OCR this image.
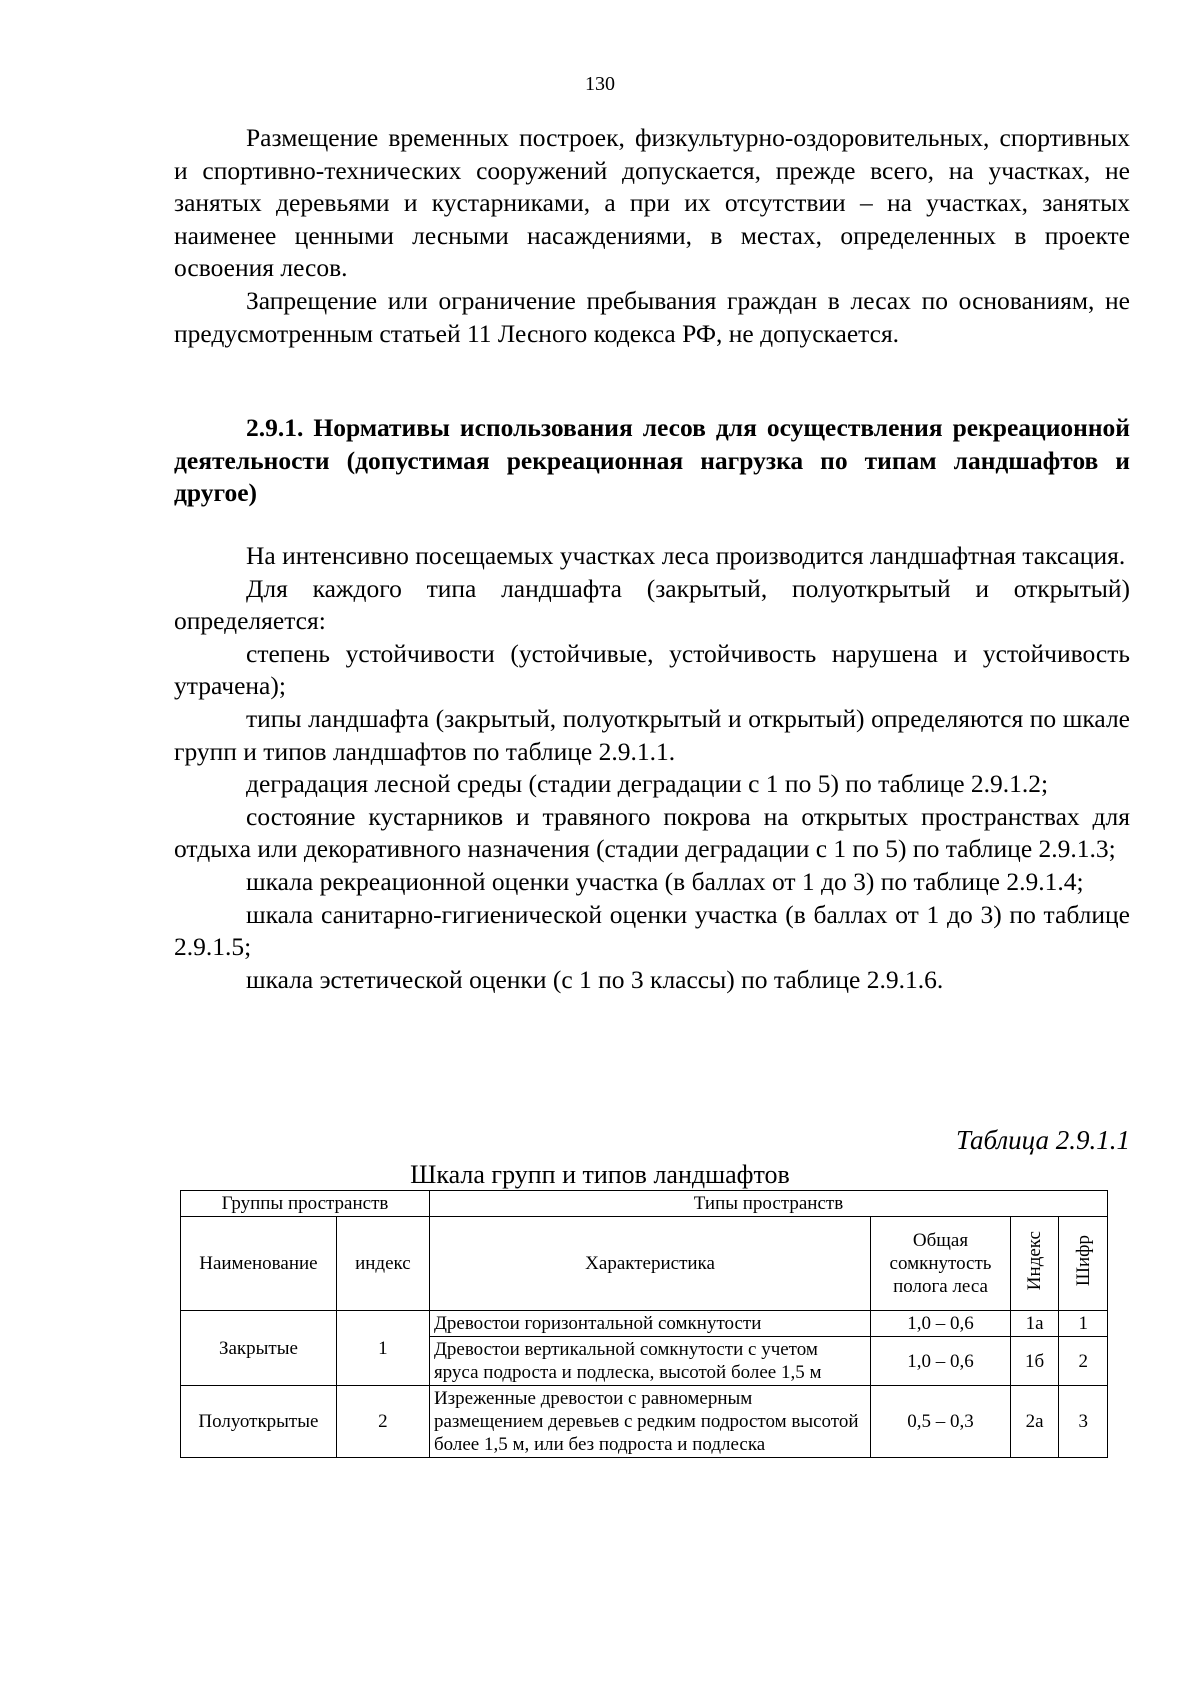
130

Размещение временных построек, физкультурно-оздоровительных, спортивных и спортивно-технических сооружений допускается, прежде всего, на участках, не занятых деревьями и кустарниками, а при их отсутствии – на участках, занятых наименее ценными лесными насаждениями, в местах, определенных в проекте освоения лесов.

Запрещение или ограничение пребывания граждан в лесах по основаниям, не предусмотренным статьей 11 Лесного кодекса РФ, не допускается.

2.9.1. Нормативы использования лесов для осуществления рекреационной деятельности (допустимая рекреационная нагрузка по типам ландшафтов и другое)

На интенсивно посещаемых участках леса производится ландшафтная таксация.

Для каждого типа ландшафта (закрытый, полуоткрытый и открытый) определяется:

степень устойчивости (устойчивые, устойчивость нарушена и устойчивость утрачена);

типы ландшафта (закрытый, полуоткрытый и открытый) определяются по шкале групп и типов ландшафтов по таблице 2.9.1.1.

деградация лесной среды (стадии деградации с 1 по 5) по таблице 2.9.1.2;

состояние кустарников и травяного покрова на открытых пространствах для отдыха или декоративного назначения (стадии деградации с 1 по 5) по таблице 2.9.1.3;

шкала рекреационной оценки участка (в баллах от 1 до 3) по таблице 2.9.1.4;

шкала санитарно-гигиенической оценки участка (в баллах от 1 до 3) по таблице 2.9.1.5;

шкала эстетической оценки (с 1 по 3 классы) по таблице 2.9.1.6.

Таблица 2.9.1.1
Шкала групп и типов ландшафтов
Группы пространств		Типы пространств			
Наименование	индекс	Характеристика	Общая сомкнутость полога леса	Индекс	Шифр
Закрытые	1	Древостои горизонтальной сомкнутости	1,0 – 0,6	1а	1
		Древостои вертикальной сомкнутости с учетом яруса подроста и подлеска, высотой более 1,5 м	1,0 – 0,6	1б	2
Полуоткрытые	2	Изреженные древостои с равномерным размещением деревьев с редким подростом высотой более 1,5 м, или без подроста и подлеска	0,5 – 0,3	2а	3
